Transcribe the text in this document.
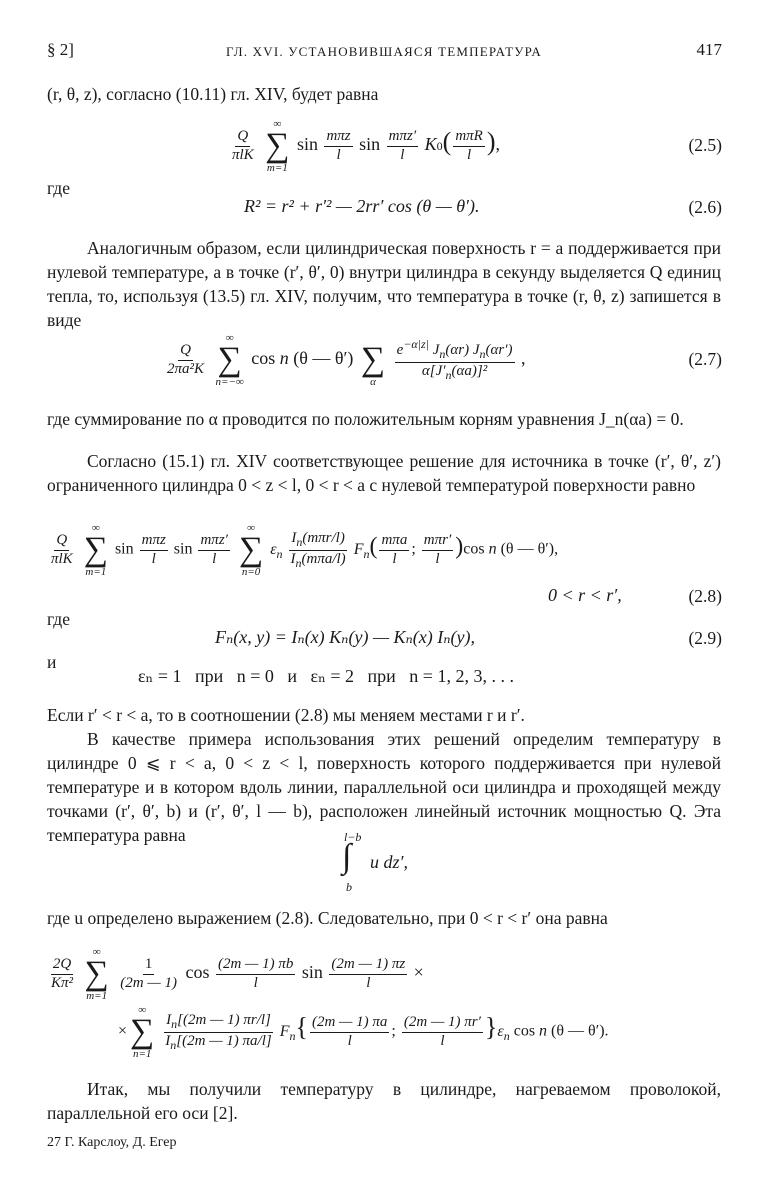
§ 2]	ГЛ. XVI. УСТАНОВИВШАЯСЯ ТЕМПЕРАТУРА	417
(r, θ, z), согласно (10.11) гл. XIV, будет равна
$\frac{Q}{\text{πlK}}$

∞
∑
m=1
$\sin \frac{\text{mπz}}{l}$ $\sin \frac{\text{mπz′}}{l} K0( \frac{\text{mπR}}{l}$ ),	(2.5)
где
R² = r² + r′² — 2rr′ cos (θ — θ′).	(2.6)
Аналогичным образом, если цилиндрическая поверхность r = a поддерживается при нулевой температуре, а в точке (r′, θ′, 0) внутри цилиндра в секунду выделяется Q единиц тепла, то, используя (13.5) гл. XIV, получим, что температура в точке (r, θ, z) запишется в виде
$\frac{Q}{\text{2πa²K}}$

∞
∑
n=−∞
cos n (θ — θ′)
∑
α
$\frac{e^{-\alpha|z|} J_n(\alpha r) J_n(\alpha r')}{\alpha[J'_n(\alpha a)]^2}$ ,	(2.7)
где суммирование по α проводится по положительным корням уравнения J_n(αa) = 0.
Согласно (15.1) гл. XIV соответствующее решение для источника в точке (r′, θ′, z′) ограниченного цилиндра 0 < z < l, 0 < r < a с нулевой температурой поверхности равно
$\frac{Q}{\text{πlK}}$

∞
∑
m=1
$\sin \frac{\text{mπz}}{l}$ $\sin \frac{\text{mπz′}}{l}$

∞
∑
n=0
$\varepsilon_n \frac{I_n(m\pi r/l)}{I_n(m\pi a/l)} F_n( \frac{\text{mπa}}{l}$ ; $\frac{\text{mπr′}}{l} )\cos$ n (θ — θ′),
0 < r < r′,	(2.8)
где
Fₙ(x, y) = Iₙ(x) Kₙ(y) — Kₙ(x) Iₙ(y),	(2.9)
и
εₙ = 1   при   n = 0   и   εₙ = 2   при   n = 1, 2, 3, . . .
Если r′ < r < a, то в соотношении (2.8) мы меняем местами r и r′.
В качестве примера использования этих решений определим температуру в цилиндре 0 ⩽ r < a, 0 < z < l, поверхность которого поддерживается при нулевой температуре и в котором вдоль линии, параллельной оси цилиндра и проходящей между точками (r′, θ′, b) и (r′, θ′, l — b), расположен линейный источник мощностью Q. Эта температура равна	l−b
∫
b
u dz′,
где u определено выражением (2.8). Следовательно, при 0 < r < r′ она равна
$\frac{2Q}{\text{Kπ²}}$

∞
∑
m=1

$\frac{1}{(2m — 1)}$ $\cos \frac{(2m — 1) \pi b}{l}$ $\sin \frac{(2m — 1) \pi z}{l}$ ×
×
∞
∑
n=1

$\frac{I_n[(2m — 1) \pi r/l]}{I_n[(2m — 1) \pi a/l]} F_n\{ \frac{(2m — 1) \pi a}{l}$ ; $\frac{(2m — 1) \pi r'}{l} \}\varepsilon_n$ cos n (θ — θ′).
Итак, мы получили температуру в цилиндре, нагреваемом проволокой, параллельной его оси [2].
27 Г. Карслоу, Д. Егер
